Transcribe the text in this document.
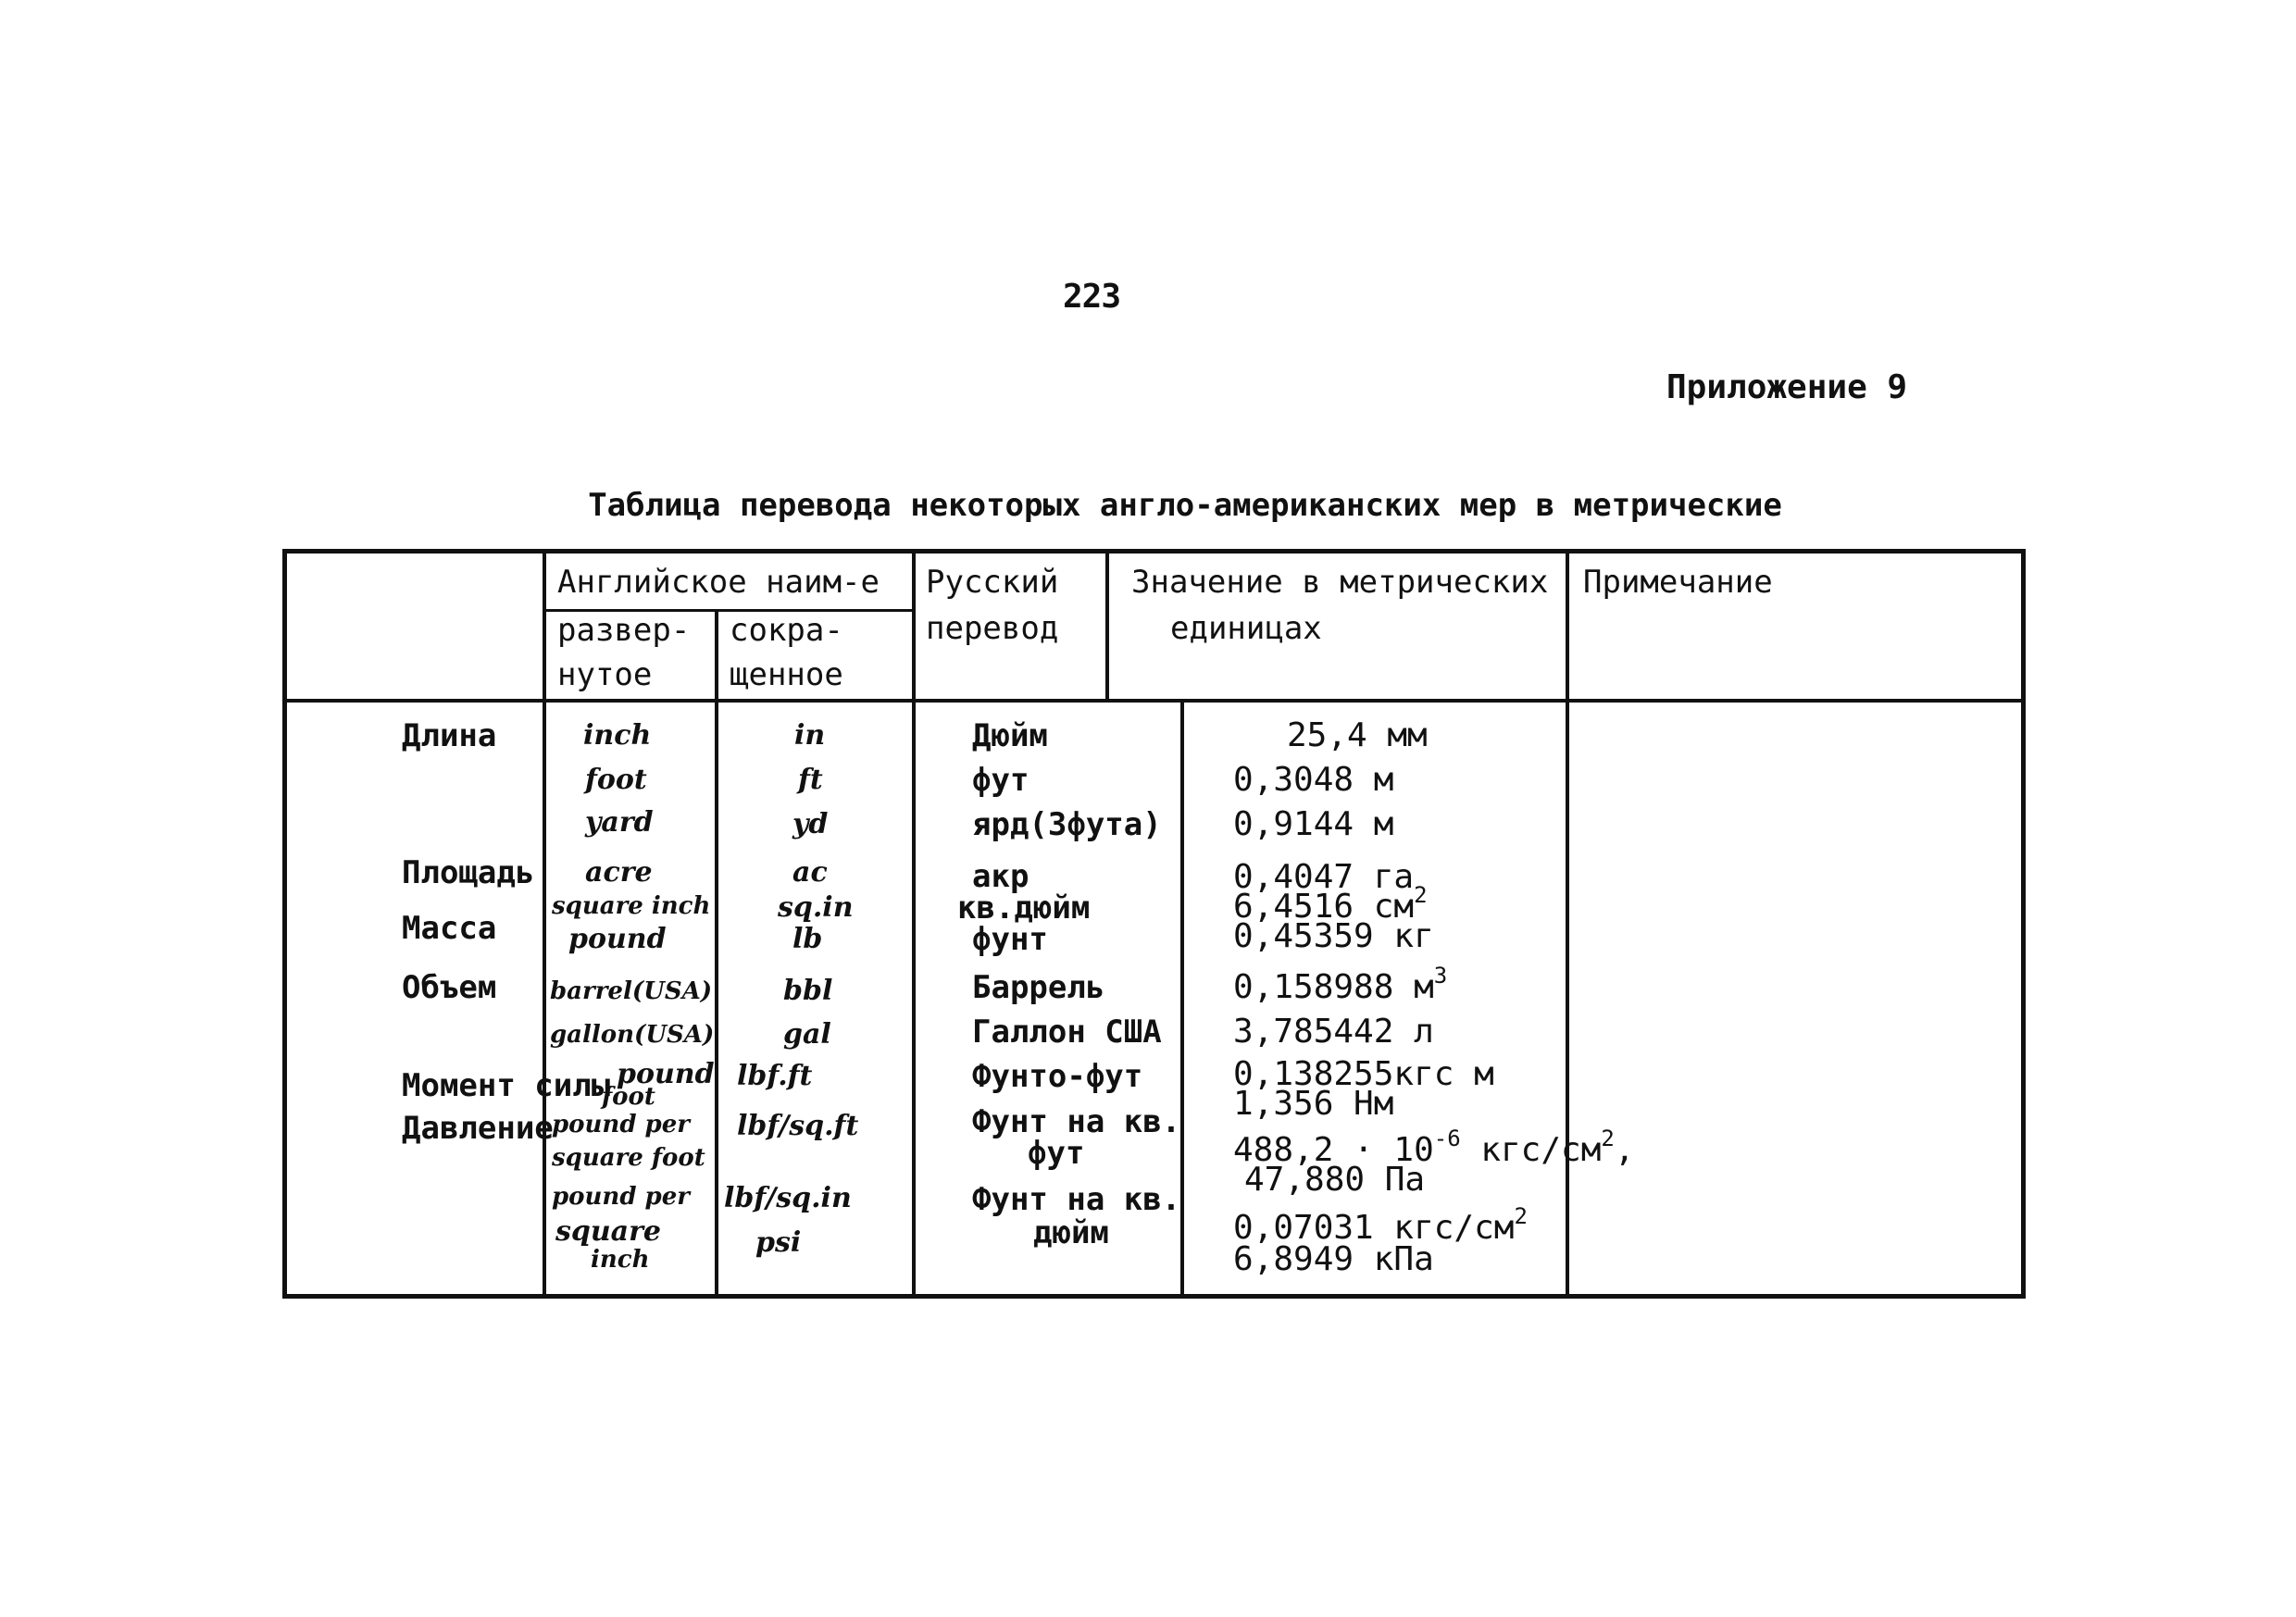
223
Приложение 9
Таблица перевода некоторых англо-американских мер в метрические
Английское наим-е
развер-
нутое
сокра-
щенное
Русский
перевод
Значение в метрических
единицах
Примечание
Длина
Площадь
Масса
Объем
Момент силы
Давление
inch
foot
yard
acre
square inch
pound
barrel(USA)
gallon(USA)
pound
foot
pound per
square foot
pound per
square
inch
in
ft
yd
ac
sq.in
lb
bbl
gal
lbf.ft
lbf/sq.ft
lbf/sq.in
psi
Дюйм
фут
ярд(3фута)
акр
кв.дюйм
фунт
Баррель
Галлон США
Фунто-фут
Фунт на кв.
фут
Фунт на кв.
дюйм
25,4 мм
0,3048 м
0,9144 м
0,4047 га
6,4516 $см^2$
0,45359 кг
0,158988 $м^3$
3,785442 л
0,138255кгс м
1,356 Нм
$488,2 \cdot 10^{-6}$ кгс/$см^2$,
47,880 Па
0,07031 кгс/$см^2$
6,8949 кПа
